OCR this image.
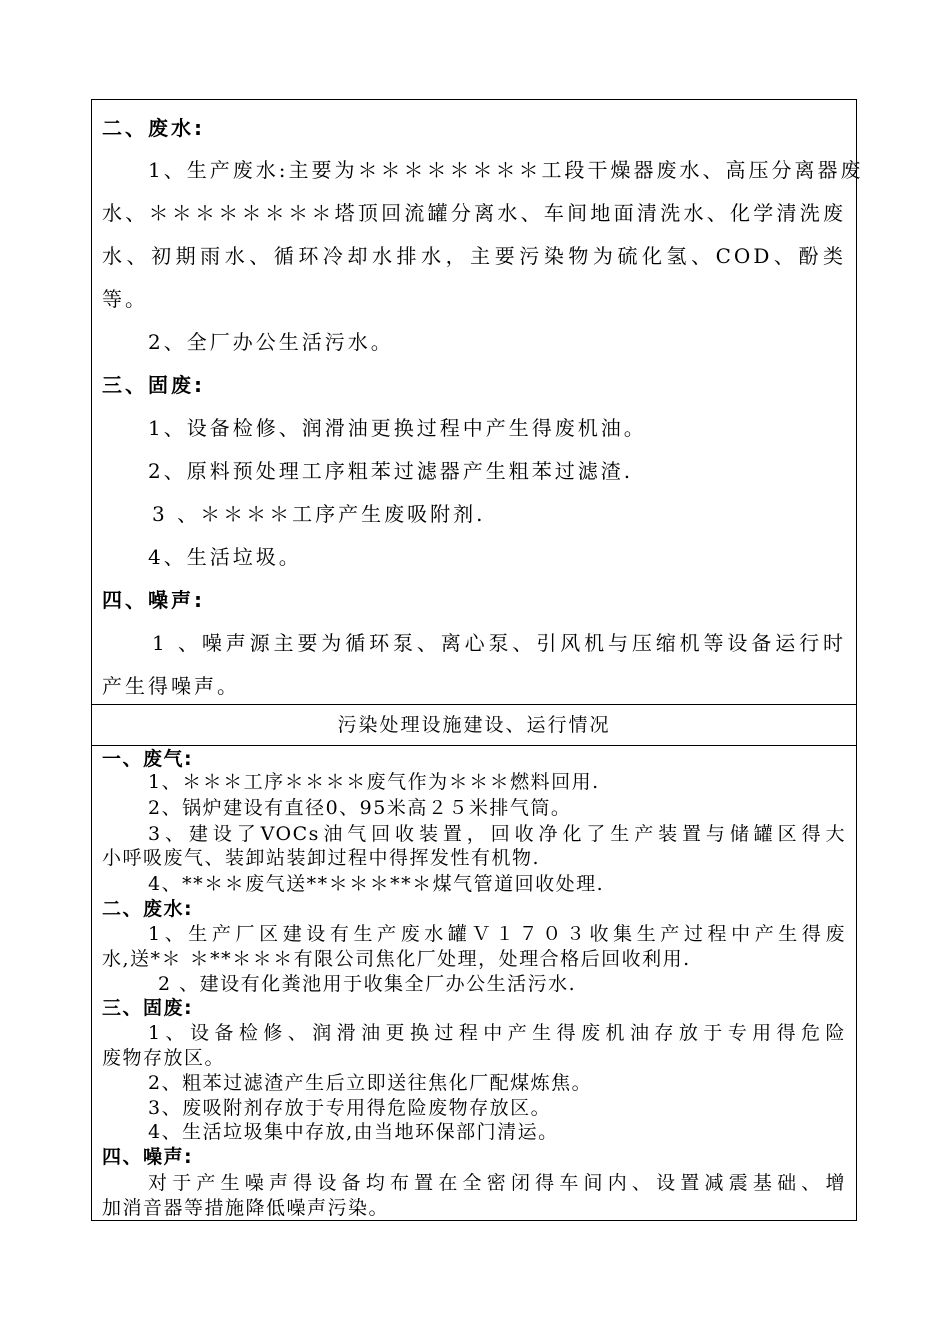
二、废水:
1、生产废水:主要为＊＊＊＊＊＊＊＊工段干燥器废水、高压分离器废
水、＊＊＊＊＊＊＊＊塔顶回流罐分离水、车间地面清洗水、化学清洗废
水、初期雨水、循环冷却水排水，主要污染物为硫化氢、COD、酚类
等。
2、全厂办公生活污水。
三、固废:
1、设备检修、润滑油更换过程中产生得废机油。
2、原料预处理工序粗苯过滤器产生粗苯过滤渣.
3 、＊＊＊＊工序产生废吸附剂.
4、生活垃圾。
四、噪声:
1 、噪声源主要为循环泵、离心泵、引风机与压缩机等设备运行时
产生得噪声。
污染处理设施建设、运行情况
一、废气:
1、＊＊＊工序＊＊＊＊废气作为＊＊＊燃料回用.
2、锅炉建设有直径0、95米高２５米排气筒。
3、建设了VOCs油气回收装置，回收净化了生产装置与储罐区得大
小呼吸废气、装卸站装卸过程中得挥发性有机物.
4、**＊＊废气送**＊＊＊**＊煤气管道回收处理.
二、废水:
1、生产厂区建设有生产废水罐Ｖ１７０３收集生产过程中产生得废
水,送*＊ ＊**＊＊＊有限公司焦化厂处理，处理合格后回收利用.
2 、建设有化粪池用于收集全厂办公生活污水.
三、固废:
1、设备检修、润滑油更换过程中产生得废机油存放于专用得危险
废物存放区。
2、粗苯过滤渣产生后立即送往焦化厂配煤炼焦。
3、废吸附剂存放于专用得危险废物存放区。
4、生活垃圾集中存放,由当地环保部门清运。
四、噪声:
对于产生噪声得设备均布置在全密闭得车间内、设置减震基础、增
加消音器等措施降低噪声污染。
